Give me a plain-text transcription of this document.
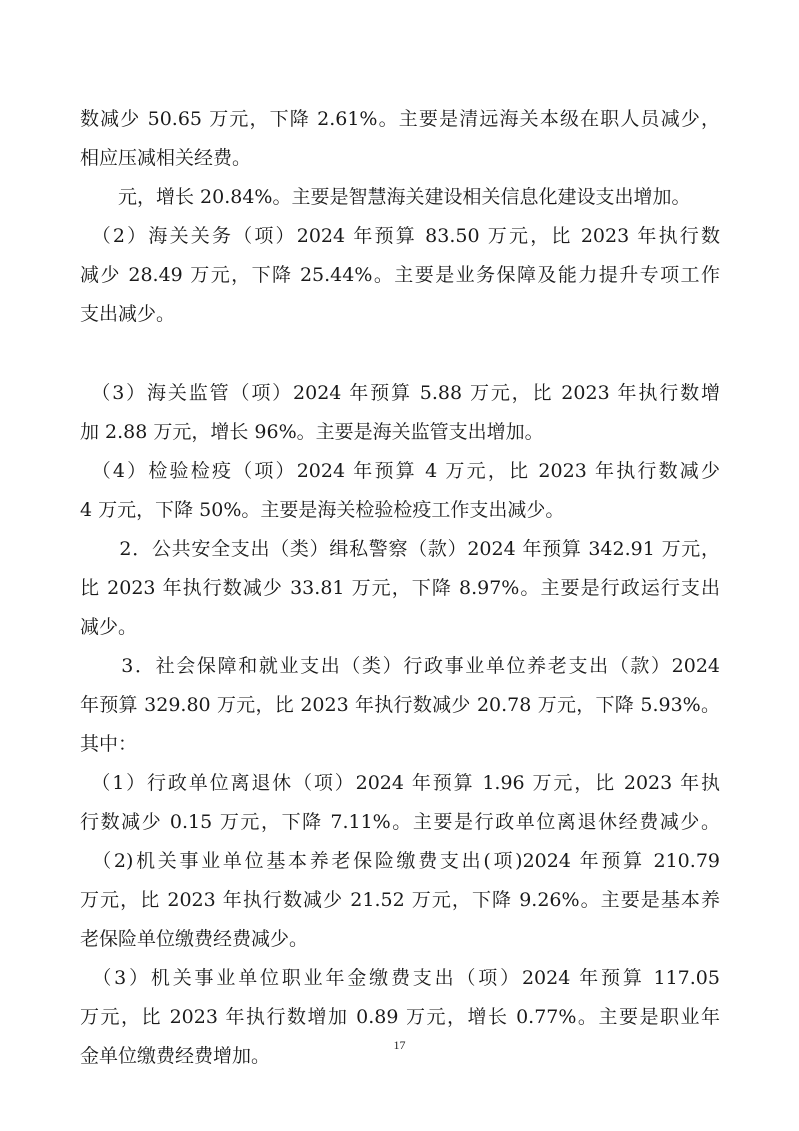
数减少 50.65 万元，下降 2.61%。主要是清远海关本级在职人员减少，
相应压减相关经费。
　　元，增长 20.84%。主要是智慧海关建设相关信息化建设支出增加。
　（2）海关关务（项）2024 年预算 83.50 万元，比 2023 年执行数
减少 28.49 万元，下降 25.44%。主要是业务保障及能力提升专项工作
支出减少。
　（3）海关监管（项）2024 年预算 5.88 万元，比 2023 年执行数增
加 2.88 万元，增长 96%。主要是海关监管支出增加。
　（4）检验检疫（项）2024 年预算 4 万元，比 2023 年执行数减少
4 万元，下降 50%。主要是海关检验检疫工作支出减少。
　　2．公共安全支出（类）缉私警察（款）2024 年预算 342.91 万元，
比 2023 年执行数减少 33.81 万元，下降 8.97%。主要是行政运行支出
减少。
　　3．社会保障和就业支出（类）行政事业单位养老支出（款）2024
年预算 329.80 万元，比 2023 年执行数减少 20.78 万元，下降 5.93%。
其中：
　（1）行政单位离退休（项）2024 年预算 1.96 万元，比 2023 年执
行数减少 0.15 万元，下降 7.11%。主要是行政单位离退休经费减少。
　（2)机关事业单位基本养老保险缴费支出(项)2024 年预算 210.79
万元，比 2023 年执行数减少 21.52 万元，下降 9.26%。主要是基本养
老保险单位缴费经费减少。
　（3）机关事业单位职业年金缴费支出（项）2024 年预算 117.05
万元，比 2023 年执行数增加 0.89 万元，增长 0.77%。主要是职业年
金单位缴费经费增加。	17
